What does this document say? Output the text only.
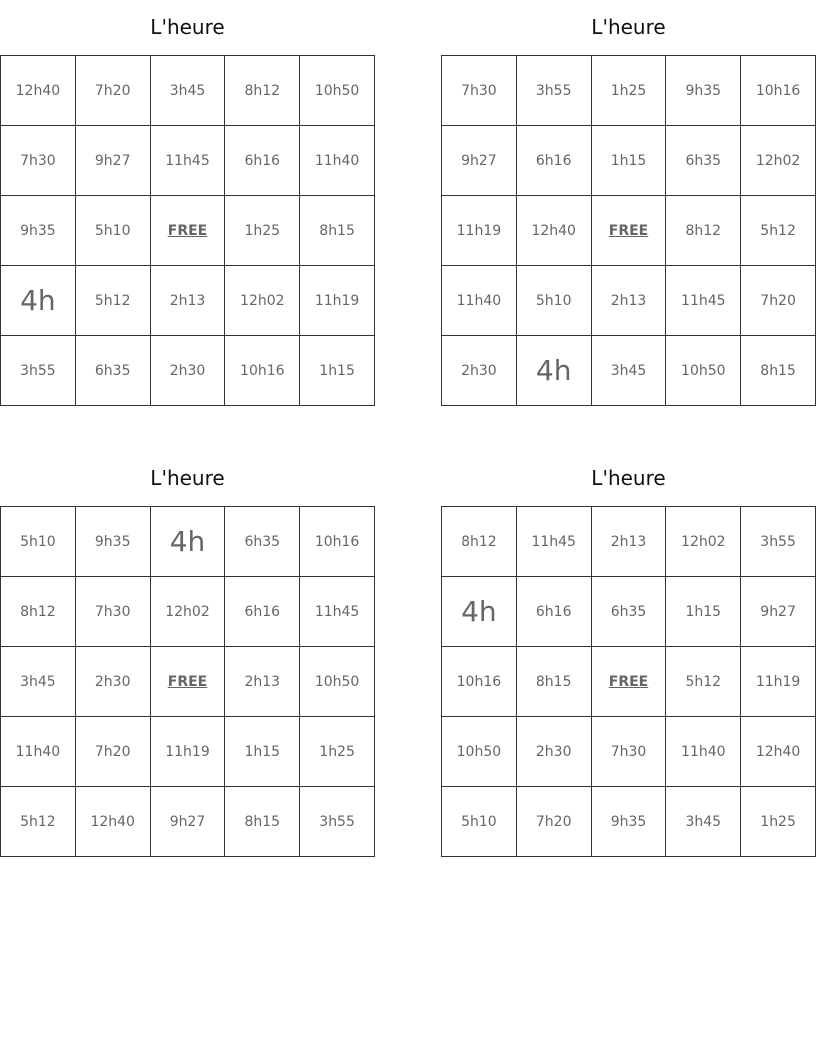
L'heure
12h40	7h20	3h45	8h12	10h50
7h30	9h27	11h45	6h16	11h40
9h35	5h10	FREE	1h25	8h15
4h	5h12	2h13	12h02	11h19
3h55	6h35	2h30	10h16	1h15
L'heure
7h30	3h55	1h25	9h35	10h16
9h27	6h16	1h15	6h35	12h02
11h19	12h40	FREE	8h12	5h12
11h40	5h10	2h13	11h45	7h20
2h30	4h	3h45	10h50	8h15
L'heure
5h10	9h35	4h	6h35	10h16
8h12	7h30	12h02	6h16	11h45
3h45	2h30	FREE	2h13	10h50
11h40	7h20	11h19	1h15	1h25
5h12	12h40	9h27	8h15	3h55
L'heure
8h12	11h45	2h13	12h02	3h55
4h	6h16	6h35	1h15	9h27
10h16	8h15	FREE	5h12	11h19
10h50	2h30	7h30	11h40	12h40
5h10	7h20	9h35	3h45	1h25
